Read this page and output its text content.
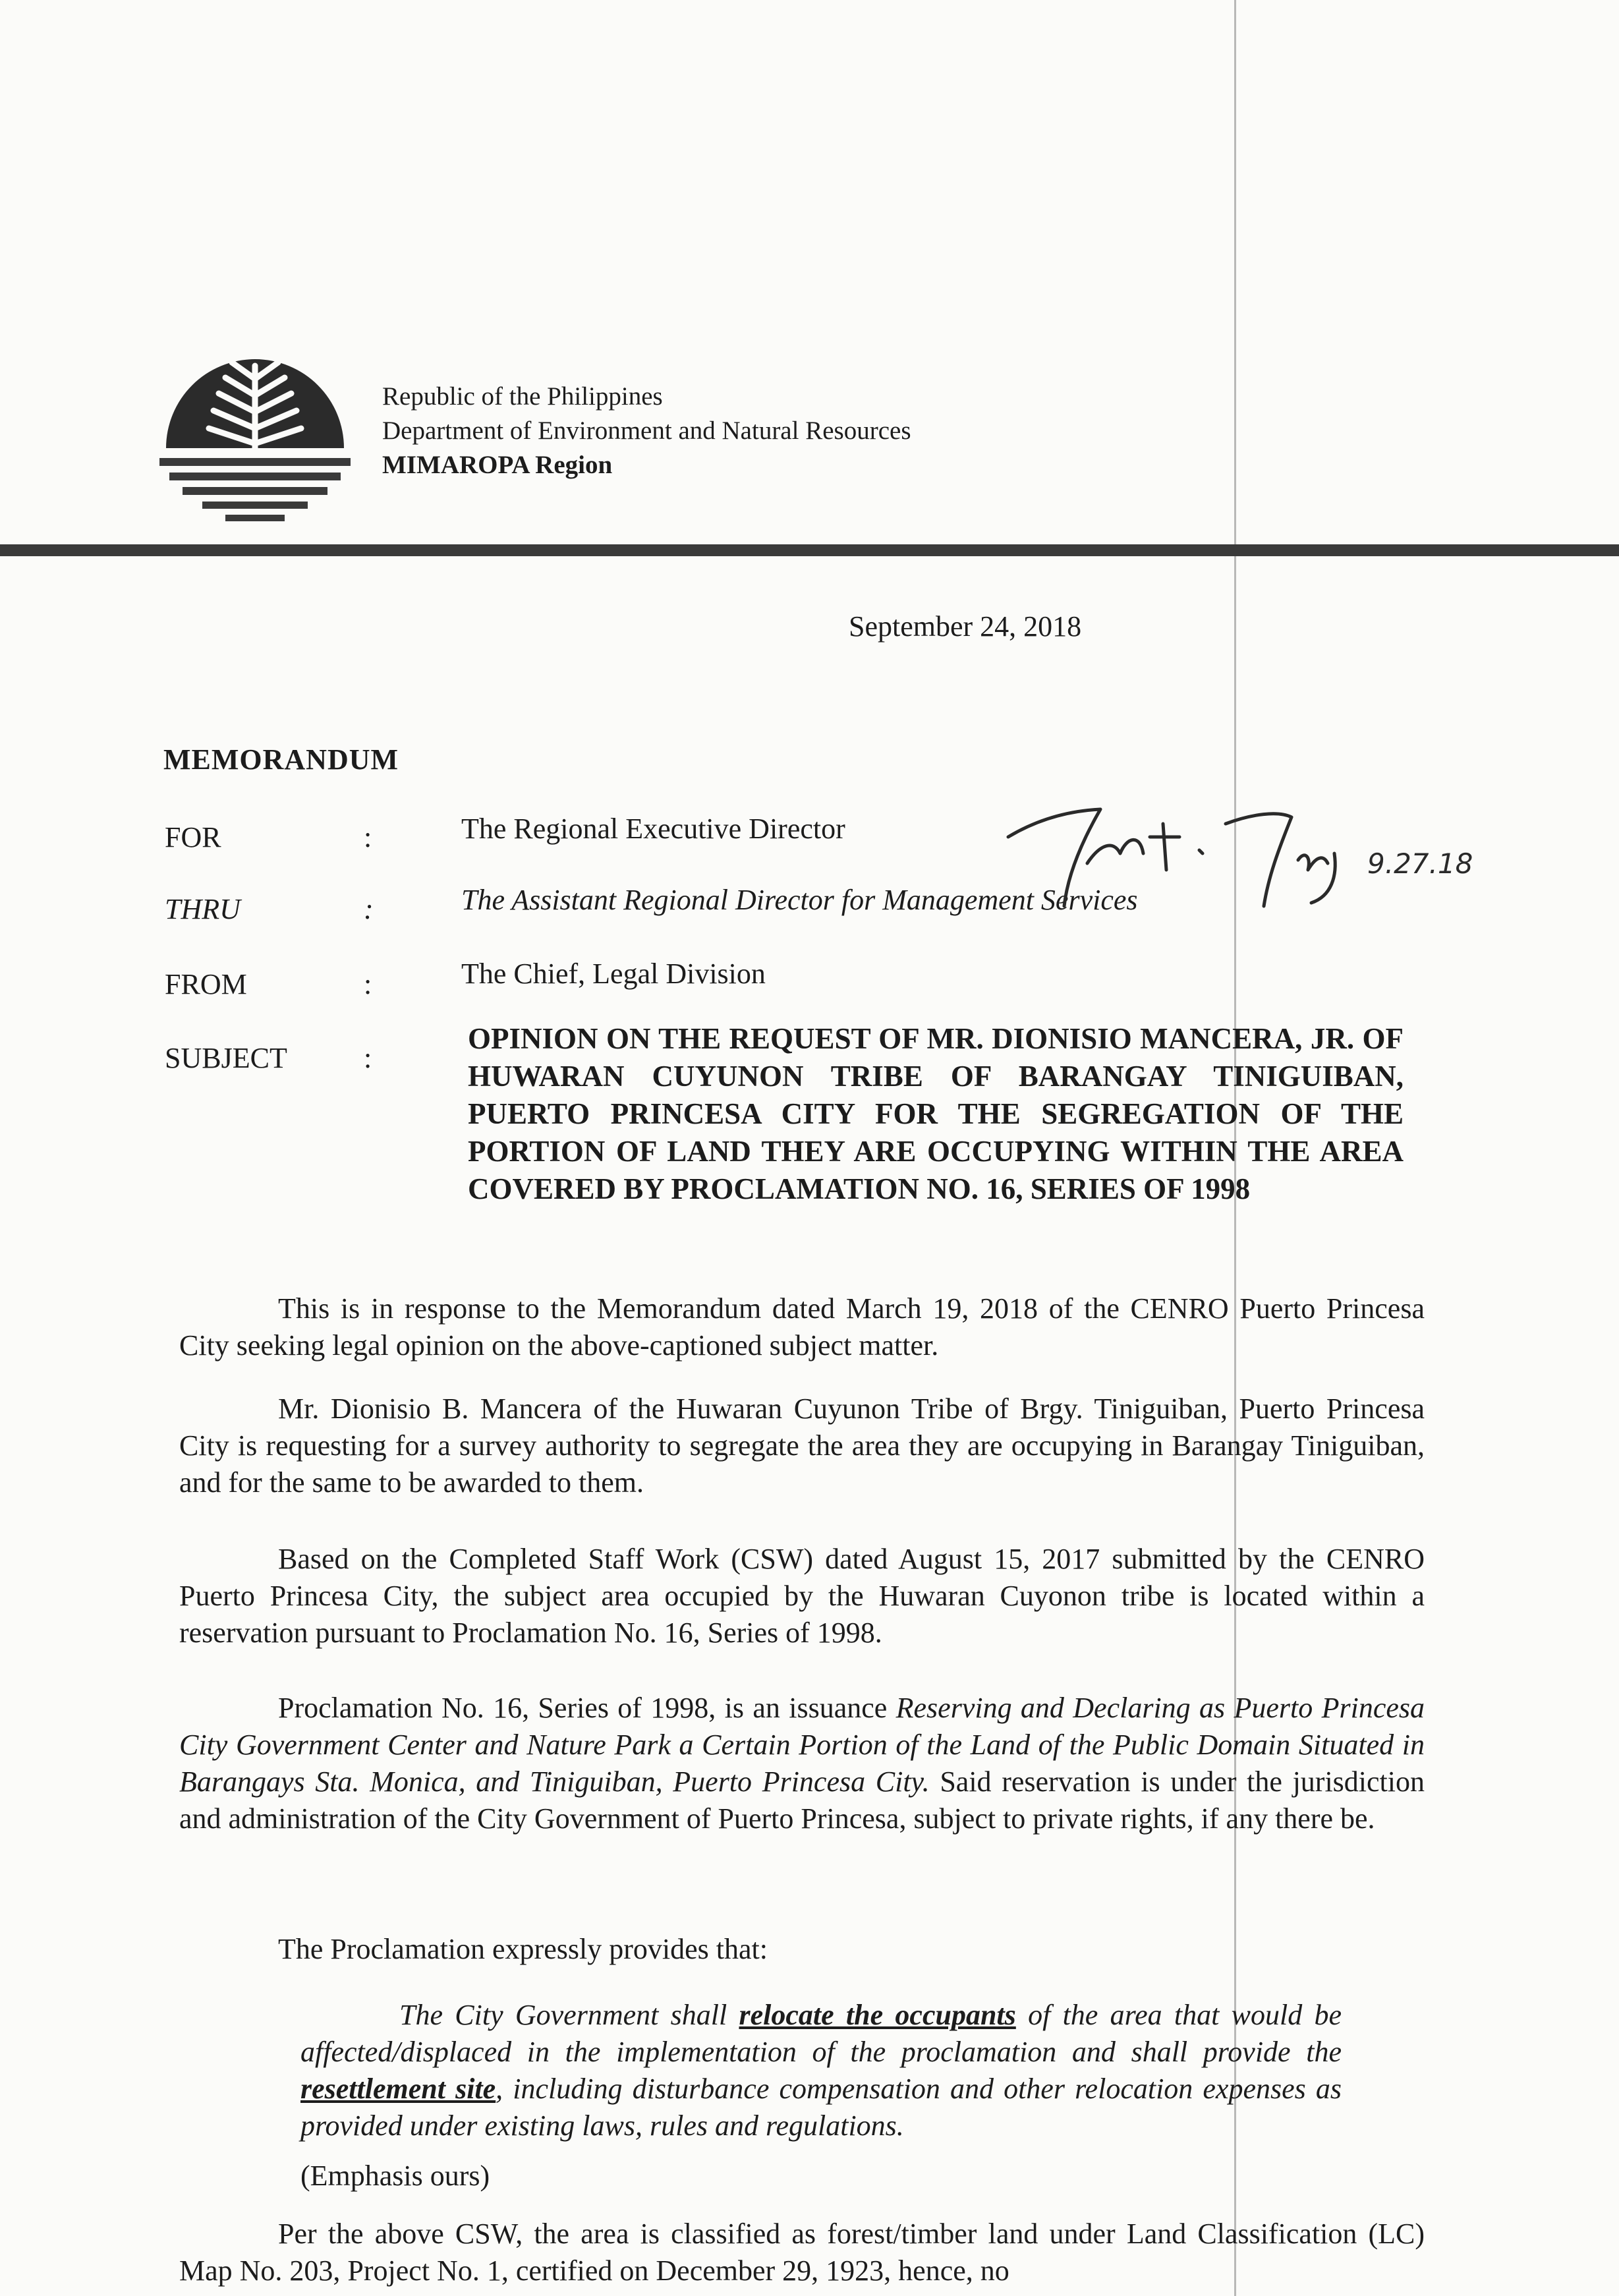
Republic of the Philippines
Department of Environment and Natural Resources
MIMAROPA Region
September 24, 2018
MEMORANDUM
FOR	:	The Regional Executive Director
THRU	:	The Assistant Regional Director for Management Services
9.27.18
FROM	:	The Chief, Legal Division
SUBJECT	:
OPINION ON THE REQUEST OF MR. DIONISIO MANCERA, JR. OF HUWARAN CUYUNON TRIBE OF BARANGAY TINIGUIBAN, PUERTO PRINCESA CITY FOR THE SEGREGATION OF THE PORTION OF LAND THEY ARE OCCUPYING WITHIN THE AREA COVERED BY PROCLAMATION NO. 16, SERIES OF 1998
This is in response to the Memorandum dated March 19, 2018 of the CENRO Puerto Princesa City seeking legal opinion on the above-captioned subject matter.
Mr. Dionisio B. Mancera of the Huwaran Cuyunon Tribe of Brgy. Tiniguiban, Puerto Princesa City is requesting for a survey authority to segregate the area they are occupying in Barangay Tiniguiban, and for the same to be awarded to them.
Based on the Completed Staff Work (CSW) dated August 15, 2017 submitted by the CENRO Puerto Princesa City, the subject area occupied by the Huwaran Cuyonon tribe is located within a reservation pursuant to Proclamation No. 16, Series of 1998.
Proclamation No. 16, Series of 1998, is an issuance Reserving and Declaring as Puerto Princesa City Government Center and Nature Park a Certain Portion of the Land of the Public Domain Situated in Barangays Sta. Monica, and Tiniguiban, Puerto Princesa City. Said reservation is under the jurisdiction and administration of the City Government of Puerto Princesa, subject to private rights, if any there be.
The Proclamation expressly provides that:
The City Government shall relocate the occupants of the area that would be affected/displaced in the implementation of the proclamation and shall provide the resettlement site, including disturbance compensation and other relocation expenses as provided under existing laws, rules and regulations.
(Emphasis ours)
Per the above CSW, the area is classified as forest/timber land under Land Classification (LC) Map No. 203, Project No. 1, certified on December 29, 1923, hence, no
